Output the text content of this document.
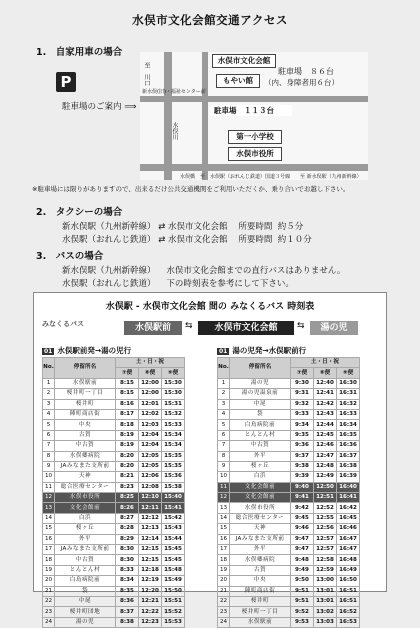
水俣市文化会館交通アクセス
1.　自家用車の場合
P
駐車場のご案内 ⟹
至　川口
水俣川
新水俣(旧)・福祉センター前
水俣橋　至　水俣駅（おれんじ鉄道）国道３号線　　至 新水俣駅（九州新幹線）
水俣市文化会館
もやい館
駐車場　８６台
（内、身障者用６台）
駐車場　１１３台
第一小学校
水俣市役所
※駐車場には限りがありますので、出来るだけ公共交通機関をご利用いただくか、乗り合いでお越し下さい。
2.　タクシーの場合
新水俣駅（九州新幹線） ⇄ 水俣市文化会館 所要時間 約５分
水俣駅（おれんじ鉄道） ⇄ 水俣市文化会館 所要時間 約１０分
3.　バスの場合
新水俣駅（九州新幹線） 水俣市文化会館までの直行バスはありません。
水俣駅（おれんじ鉄道） 下の時刻表を参考にして下さい。
水俣駅 - 水俣市文化会館 間の みなくるバス 時刻表
みなくるバス	水俣駅前	⇆	水俣市文化会館	⇆	湯の児
01 水俣駅前発→湯の児行	01 湯の児発→水俣駅前行
No.	停留所名	土・日・祝		
		⑦便	⑧便	⑨便
1	水俣駅前	8:15	12:00	15:30
2	桜井町一丁目	8:15	12:00	15:30
3	桜井町	8:16	12:01	15:31
4	陣町商店街	8:17	12:02	15:32
5	中央	8:18	12:03	15:33
6	古賀	8:19	12:04	15:34
7	中古賀	8:19	12:04	15:34
8	水俣郷病院	8:20	12:05	15:35
9	JAみなまた支所前	8:20	12:05	15:35
10	天神	8:21	12:06	15:36
11	総合医療センター	8:23	12:08	15:38
12	水俣市役所	8:25	12:10	15:40
13	文化会館前	8:26	12:11	15:41
14	白浜	8:27	12:12	15:42
15	桜ヶ丘	8:28	12:13	15:43
16	外平	8:29	12:14	15:44
17	JAみなまた支所前	8:30	12:15	15:45
18	中古賀	8:30	12:15	15:45
19	とんとん村	8:33	12:18	15:48
20	白鳥病院前	8:34	12:19	15:49
21	袋	8:35	12:20	15:50
22	中尾	8:36	12:21	15:51
23	桜井町団地	8:37	12:22	15:52
24	湯の児	8:38	12:23	15:53
No.	停留所名	土・日・祝		
		⑦便	⑧便	⑨便
1	湯の児	9:30	12:40	16:30
2	湯の児温泉前	9:31	12:41	16:31
3	中尾	9:32	12:42	16:32
4	袋	9:33	12:43	16:33
5	白鳥病院前	9:34	12:44	16:34
6	とんとん村	9:35	12:45	16:35
7	中古賀	9:36	12:46	16:36
8	外平	9:37	12:47	16:37
9	桜ヶ丘	9:38	12:48	16:38
10	白浜	9:39	12:49	16:39
11	文化会館前	9:40	12:50	16:40
12	文化会館前	9:41	12:51	16:41
13	水俣市役所	9:42	12:52	16:42
14	総合医療センター	9:45	12:55	16:45
15	天神	9:46	12:56	16:46
16	JAみなまた支所前	9:47	12:57	16:47
17	外平	9:47	12:57	16:47
18	水俣郷病院	9:48	12:58	16:48
19	古賀	9:49	12:59	16:49
20	中央	9:50	13:00	16:50
21	陣町商店街	9:51	13:01	16:51
22	桜井町	9:51	13:01	16:51
23	桜井町一丁目	9:52	13:02	16:52
24	水俣駅前	9:53	13:03	16:53
